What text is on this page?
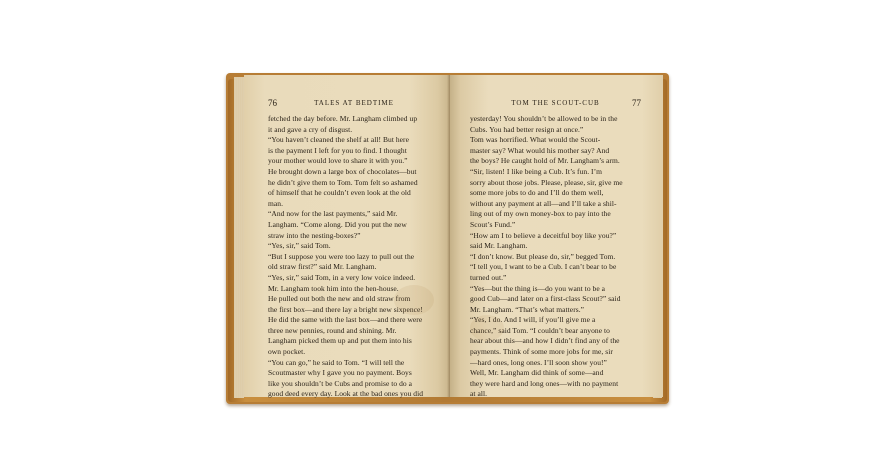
76	TALES AT BEDTIME
fetched the day before. Mr. Langham climbed up
it and gave a cry of disgust.
“You haven’t cleaned the shelf at all! But here
is the payment I left for you to find. I thought
your mother would love to share it with you.”
He brought down a large box of chocolates—but
he didn’t give them to Tom. Tom felt so ashamed
of himself that he couldn’t even look at the old
man.
“And now for the last payments,” said Mr.
Langham. “Come along. Did you put the new
straw into the nesting-boxes?”
“Yes, sir,” said Tom.
“But I suppose you were too lazy to pull out the
old straw first?” said Mr. Langham.
“Yes, sir,” said Tom, in a very low voice indeed.
Mr. Langham took him into the hen-house.
He pulled out both the new and old straw from
the first box—and there lay a bright new sixpence!
He did the same with the last box—and there were
three new pennies, round and shining. Mr.
Langham picked them up and put them into his
own pocket.
“You can go,” he said to Tom. “I will tell the
Scoutmaster why I gave you no payment. Boys
like you shouldn’t be Cubs and promise to do a
good deed every day. Look at the bad ones you did
TOM THE SCOUT-CUB	77
yesterday! You shouldn’t be allowed to be in the
Cubs. You had better resign at once.”
Tom was horrified. What would the Scout-
master say? What would his mother say? And
the boys? He caught hold of Mr. Langham’s arm.
“Sir, listen! I like being a Cub. It’s fun. I’m
sorry about those jobs. Please, please, sir, give me
some more jobs to do and I’ll do them well,
without any payment at all—and I’ll take a shil-
ling out of my own money-box to pay into the
Scout’s Fund.”
“How am I to believe a deceitful boy like you?”
said Mr. Langham.
“I don’t know. But please do, sir,” begged Tom.
“I tell you, I want to be a Cub. I can’t bear to be
turned out.”
“Yes—but the thing is—do you want to be a
good Cub—and later on a first-class Scout?” said
Mr. Langham. “That’s what matters.”
“Yes, I do. And I will, if you’ll give me a
chance,” said Tom. “I couldn’t bear anyone to
hear about this—and how I didn’t find any of the
payments. Think of some more jobs for me, sir
—hard ones, long ones. I’ll soon show you!”
Well, Mr. Langham did think of some—and
they were hard and long ones—with no payment
at all.
